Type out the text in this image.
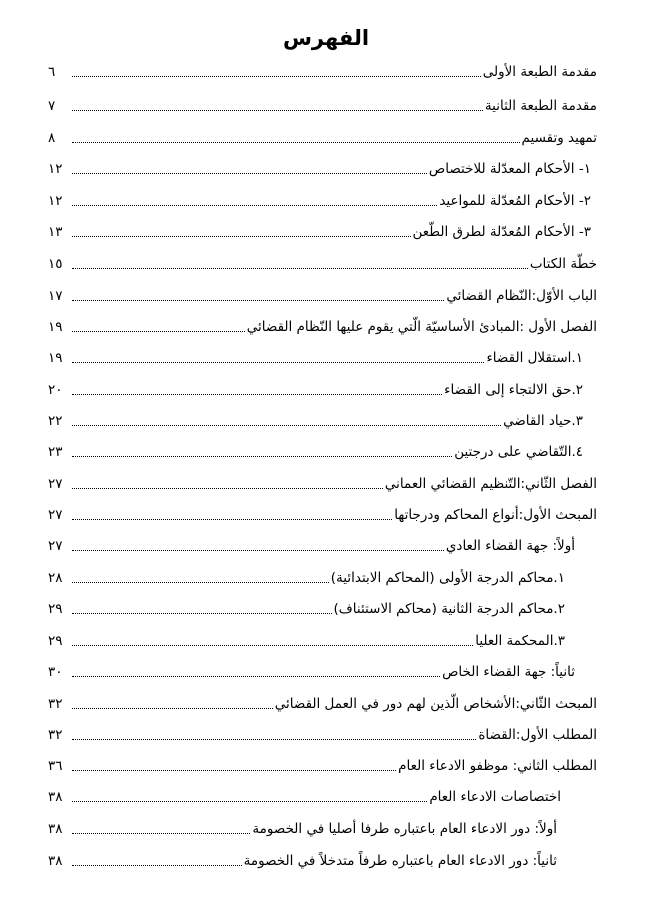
الفهرس
مقدمة الطبعة الأولى
٦
مقدمة الطبعة الثانية
٧
تمهيد وتقسيم
٨
١- الأحكام المعدّلة للاختصاص
١٢
٢- الأحكام المُعدّلة للمواعيد
١٢
٣- الأحكام المُعدّلة لطرق الطّعن
١٣
خطّة الكتاب
١٥
الباب الأوّل:النّظام القضائي
١٧
الفصل الأول :المبادئ الأساسيّة الّتي يقوم عليها النّظام القضائي
١٩
١.استقلال القضاء
١٩
٢.حق الالتجاء إلى القضاء
٢٠
٣.حياد القاضي
٢٢
٤.التّقاضي على درجتين
٢٣
الفصل الثّاني:التّنظيم القضائي العماني
٢٧
المبحث الأول:أنواع المحاكم ودرجاتها
٢٧
أولاً: جهة القضاء العادي
٢٧
١.محاكم الدرجة الأولى (المحاكم الابتدائية)
٢٨
٢.محاكم الدرجة الثانية (محاكم الاستئناف)
٢٩
٣.المحكمة العليا
٢٩
ثانياً: جهة القضاء الخاص
٣٠
المبحث الثّاني:الأشخاص الّذين لهم دور في العمل القضائي
٣٢
المطلب الأول:القضاة
٣٢
المطلب الثاني: موظفو الادعاء العام
٣٦
اختصاصات الادعاء العام
٣٨
أولاً: دور الادعاء العام باعتباره طرفا أصليا في الخصومة
٣٨
ثانياً: دور الادعاء العام باعتباره طرفاً متدخلاً في الخصومة
٣٨
